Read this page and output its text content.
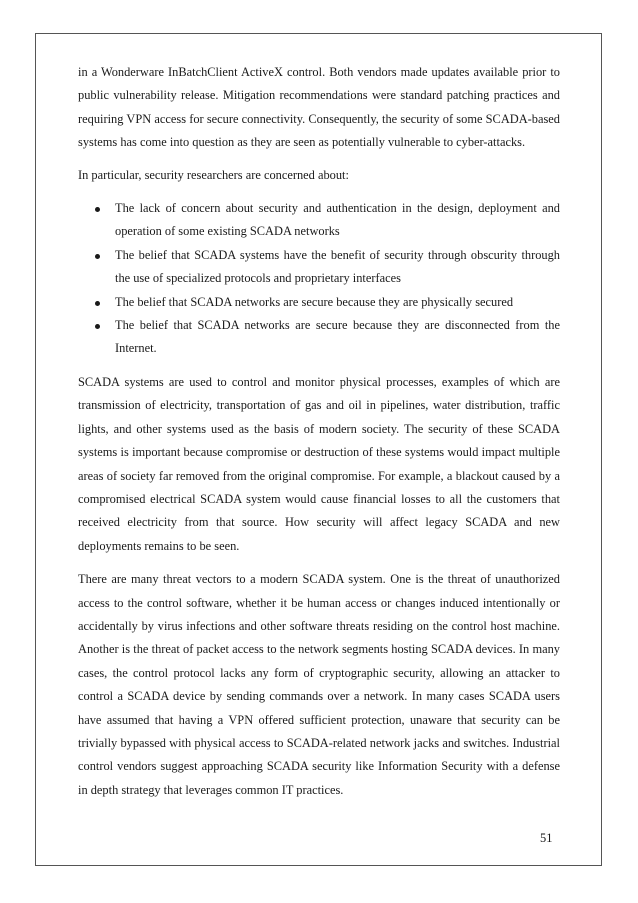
in a Wonderware InBatchClient ActiveX control. Both vendors made updates available prior to public vulnerability release. Mitigation recommendations were standard patching practices and requiring VPN access for secure connectivity. Consequently, the security of some SCADA-based systems has come into question as they are seen as potentially vulnerable to cyber-attacks.

In particular, security researchers are concerned about:

The lack of concern about security and authentication in the design, deployment and operation of some existing SCADA networks
The belief that SCADA systems have the benefit of security through obscurity through the use of specialized protocols and proprietary interfaces
The belief that SCADA networks are secure because they are physically secured
The belief that SCADA networks are secure because they are disconnected from the Internet.

SCADA systems are used to control and monitor physical processes, examples of which are transmission of electricity, transportation of gas and oil in pipelines, water distribution, traffic lights, and other systems used as the basis of modern society. The security of these SCADA systems is important because compromise or destruction of these systems would impact multiple areas of society far removed from the original compromise. For example, a blackout caused by a compromised electrical SCADA system would cause financial losses to all the customers that received electricity from that source. How security will affect legacy SCADA and new deployments remains to be seen.

There are many threat vectors to a modern SCADA system. One is the threat of unauthorized access to the control software, whether it be human access or changes induced intentionally or accidentally by virus infections and other software threats residing on the control host machine. Another is the threat of packet access to the network segments hosting SCADA devices. In many cases, the control protocol lacks any form of cryptographic security, allowing an attacker to control a SCADA device by sending commands over a network. In many cases SCADA users have assumed that having a VPN offered sufficient protection, unaware that security can be trivially bypassed with physical access to SCADA-related network jacks and switches. Industrial control vendors suggest approaching SCADA security like Information Security with a defense in depth strategy that leverages common IT practices.

51
